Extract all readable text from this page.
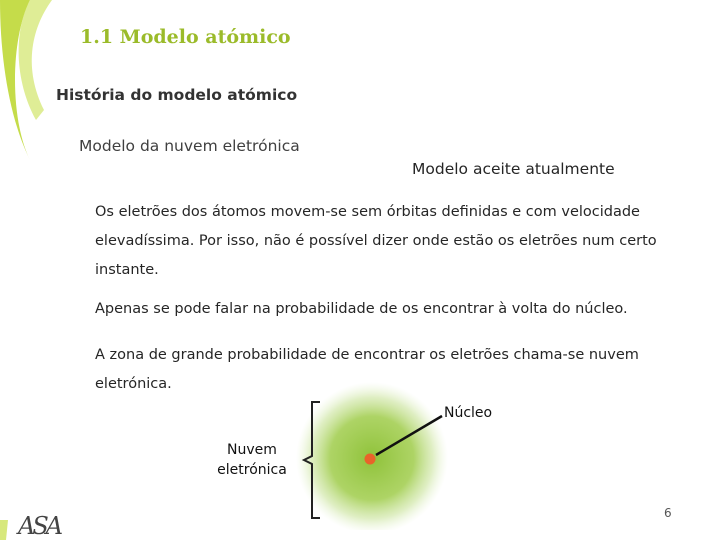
1.1 Modelo atómico
História do modelo atómico
Modelo da nuvem eletrónica
Modelo aceite atualmente
Os eletrões dos átomos movem-se sem órbitas definidas e com velocidade elevadíssima. Por isso, não é possível dizer onde estão os eletrões num certo instante.
Apenas se pode falar na probabilidade de os encontrar à volta do núcleo.
A zona de grande probabilidade de encontrar os eletrões chama-se nuvem eletrónica.
Núcleo
Nuvem eletrónica
6
ASA
